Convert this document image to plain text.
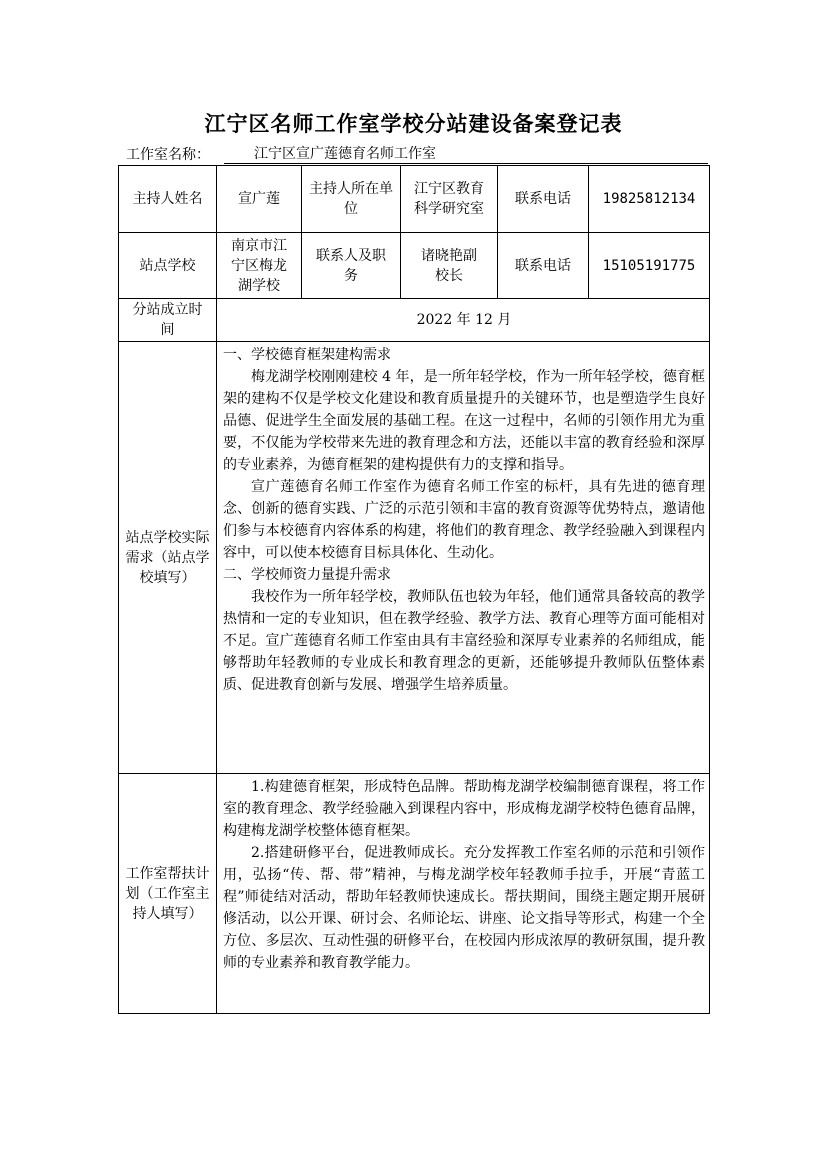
江宁区名师工作室学校分站建设备案登记表
工作室名称：	江宁区宣广莲德育名师工作室
主持人姓名	宣广莲	主持人所在单位	江宁区教育科学研究室	联系电话	19825812134

站点学校	南京市江宁区梅龙湖学校	联系人及职务	诸晓艳副校长	联系电话	15105191775

分站成立时间	2022 年 12 月				

站点学校实际需求（站点学校填写）	一、学校德育框架建构需求

梅龙湖学校刚刚建校 4 年，是一所年轻学校，作为一所年轻学校，德育框架的建构不仅是学校文化建设和教育质量提升的关键环节，也是塑造学生良好品德、促进学生全面发展的基础工程。在这一过程中，名师的引领作用尤为重要，不仅能为学校带来先进的教育理念和方法，还能以丰富的教育经验和深厚的专业素养，为德育框架的建构提供有力的支撑和指导。

宣广莲德育名师工作室作为德育名师工作室的标杆，具有先进的德育理念、创新的德育实践、广泛的示范引领和丰富的教育资源等优势特点，邀请他们参与本校德育内容体系的构建，将他们的教育理念、教学经验融入到课程内容中，可以使本校德育目标具体化、生动化。

二、学校师资力量提升需求

我校作为一所年轻学校，教师队伍也较为年轻，他们通常具备较高的教学热情和一定的专业知识，但在教学经验、教学方法、教育心理等方面可能相对不足。宣广莲德育名师工作室由具有丰富经验和深厚专业素养的名师组成，能够帮助年轻教师的专业成长和教育理念的更新，还能够提升教师队伍整体素质、促进教育创新与发展、增强学生培养质量。				

工作室帮扶计划（工作室主持人填写）	1.构建德育框架，形成特色品牌。帮助梅龙湖学校编制德育课程，将工作室的教育理念、教学经验融入到课程内容中，形成梅龙湖学校特色德育品牌，构建梅龙湖学校整体德育框架。

2.搭建研修平台，促进教师成长。充分发挥教工作室名师的示范和引领作用，弘扬“传、帮、带”精神，与梅龙湖学校年轻教师手拉手，开展“青蓝工程”师徒结对活动，帮助年轻教师快速成长。帮扶期间，围绕主题定期开展研修活动，以公开课、研讨会、名师论坛、讲座、论文指导等形式，构建一个全方位、多层次、互动性强的研修平台，在校园内形成浓厚的教研氛围，提升教师的专业素养和教育教学能力。				
